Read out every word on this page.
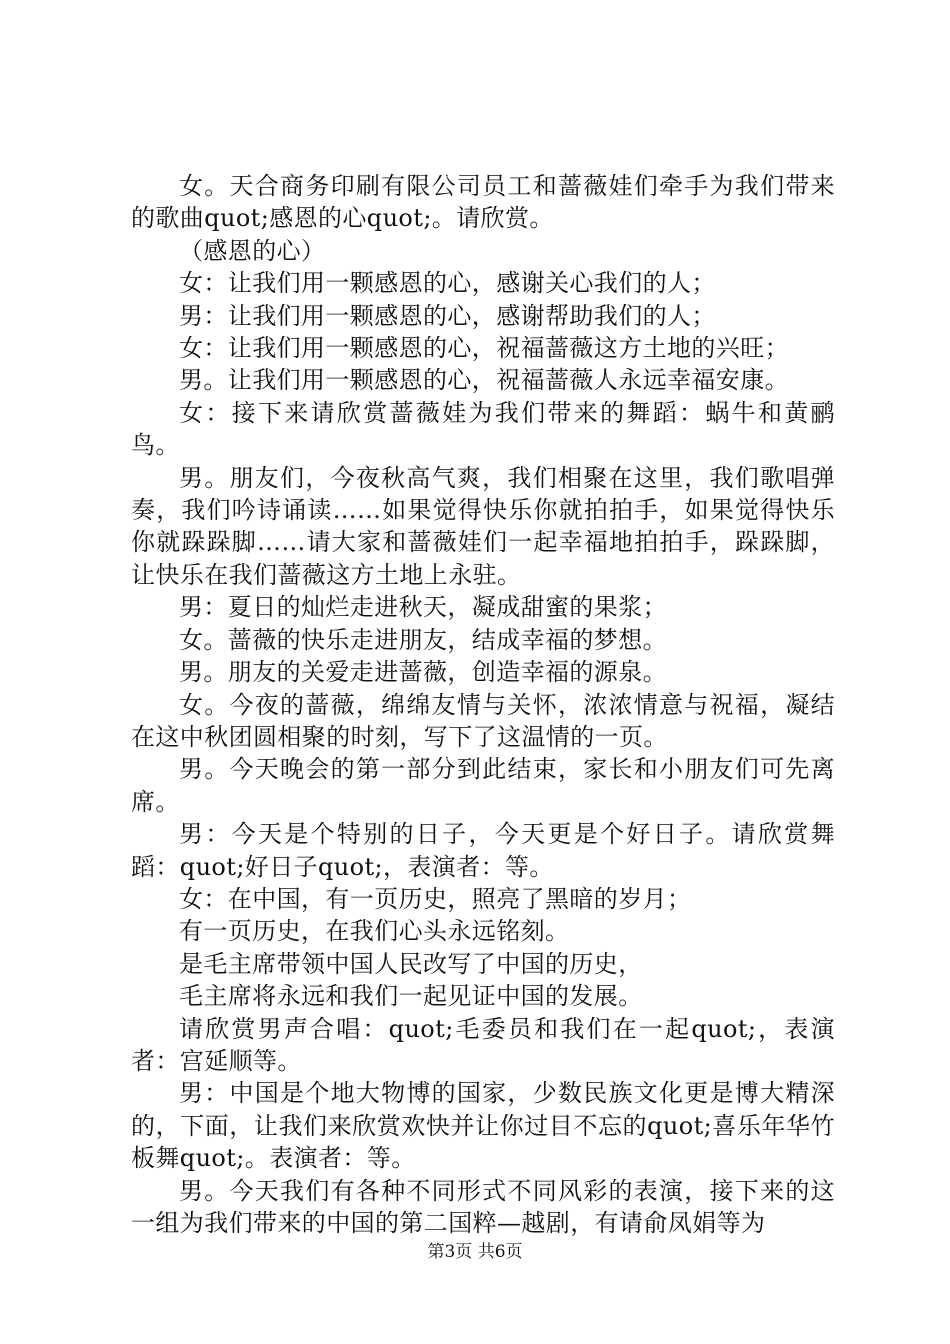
女。天合商务印刷有限公司员工和蔷薇娃们牵手为我们带来的歌曲quot;感恩的心quot;。请欣赏。

（感恩的心）

女：让我们用一颗感恩的心，感谢关心我们的人；

男：让我们用一颗感恩的心，感谢帮助我们的人；

女：让我们用一颗感恩的心，祝福蔷薇这方土地的兴旺；

男。让我们用一颗感恩的心，祝福蔷薇人永远幸福安康。

女：接下来请欣赏蔷薇娃为我们带来的舞蹈：蜗牛和黄鹂鸟。

男。朋友们，今夜秋高气爽，我们相聚在这里，我们歌唱弹奏，我们吟诗诵读……如果觉得快乐你就拍拍手，如果觉得快乐你就跺跺脚……请大家和蔷薇娃们一起幸福地拍拍手，跺跺脚，让快乐在我们蔷薇这方土地上永驻。

男：夏日的灿烂走进秋天，凝成甜蜜的果浆；

女。蔷薇的快乐走进朋友，结成幸福的梦想。

男。朋友的关爱走进蔷薇，创造幸福的源泉。

女。今夜的蔷薇，绵绵友情与关怀，浓浓情意与祝福，凝结在这中秋团圆相聚的时刻，写下了这温情的一页。

男。今天晚会的第一部分到此结束，家长和小朋友们可先离席。

男：今天是个特别的日子，今天更是个好日子。请欣赏舞蹈：quot;好日子quot;，表演者：等。

女：在中国，有一页历史，照亮了黑暗的岁月；

有一页历史，在我们心头永远铭刻。

是毛主席带领中国人民改写了中国的历史，

毛主席将永远和我们一起见证中国的发展。

请欣赏男声合唱：quot;毛委员和我们在一起quot;，表演者：宫延顺等。

男：中国是个地大物博的国家，少数民族文化更是博大精深的，下面，让我们来欣赏欢快并让你过目不忘的quot;喜乐年华竹板舞quot;。表演者：等。

男。今天我们有各种不同形式不同风彩的表演，接下来的这一组为我们带来的中国的第二国粹—越剧，有请俞凤娟等为

第3页 共6页
